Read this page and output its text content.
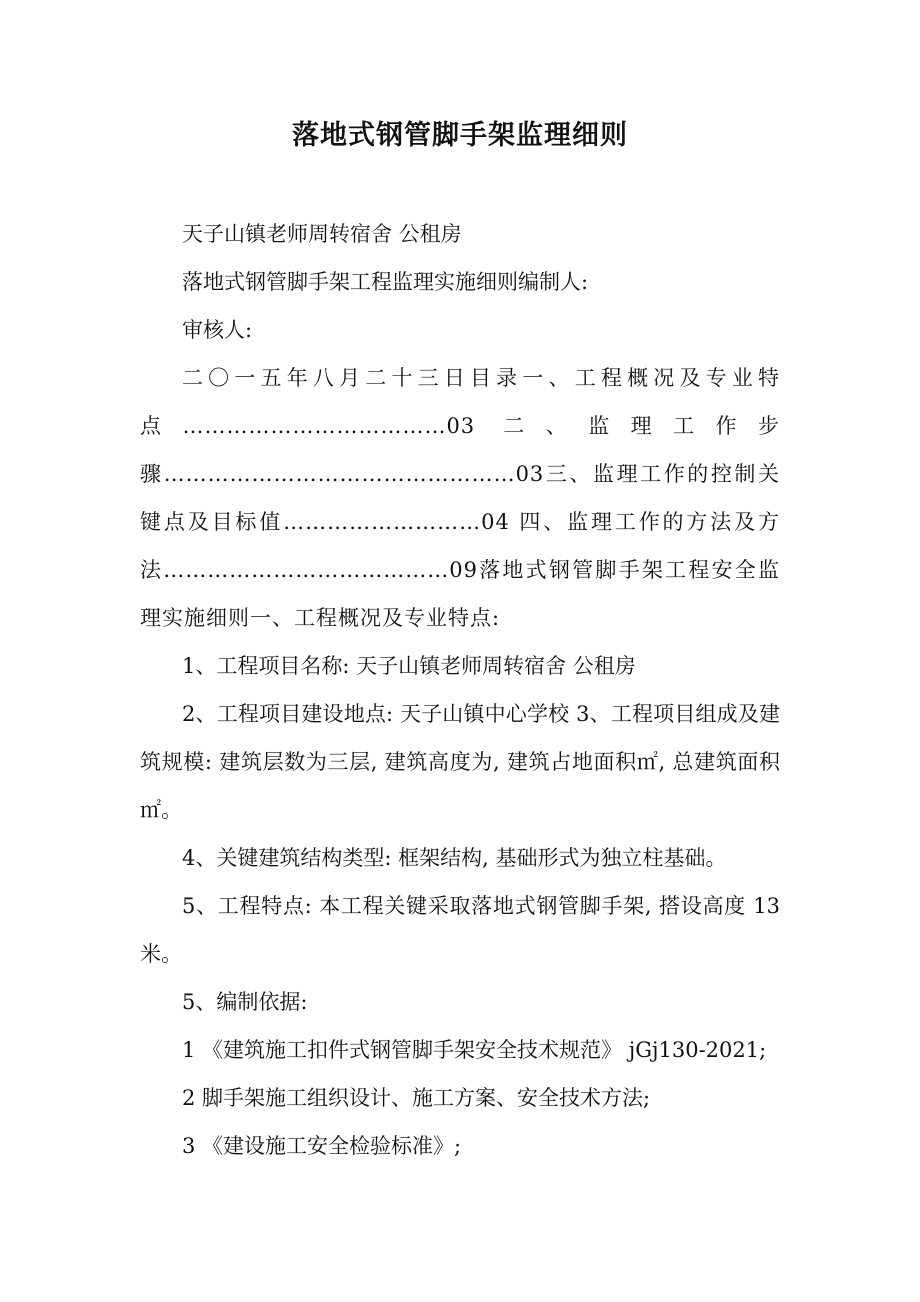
落地式钢管脚手架监理细则

天子山镇老师周转宿舍 公租房

落地式钢管脚手架工程监理实施细则编制人:

审核人:

二〇一五年八月二十三日目录一、工程概况及专业特点………………………………03 二、监理工作步骤…………………………………………03三、监理工作的控制关键点及目标值………………………04 四、监理工作的方法及方法…………………………………09落地式钢管脚手架工程安全监理实施细则一、工程概况及专业特点:

1、工程项目名称: 天子山镇老师周转宿舍 公租房

2、工程项目建设地点: 天子山镇中心学校 3、工程项目组成及建筑规模: 建筑层数为三层, 建筑高度为, 建筑占地面积㎡, 总建筑面积㎡。

4、关键建筑结构类型: 框架结构, 基础形式为独立柱基础。

5、工程特点: 本工程关键采取落地式钢管脚手架, 搭设高度 13 米。

5、编制依据:

1 《建筑施工扣件式钢管脚手架安全技术规范》 jGj130-2021;

2 脚手架施工组织设计、施工方案、安全技术方法;

3 《建设施工安全检验标准》;
